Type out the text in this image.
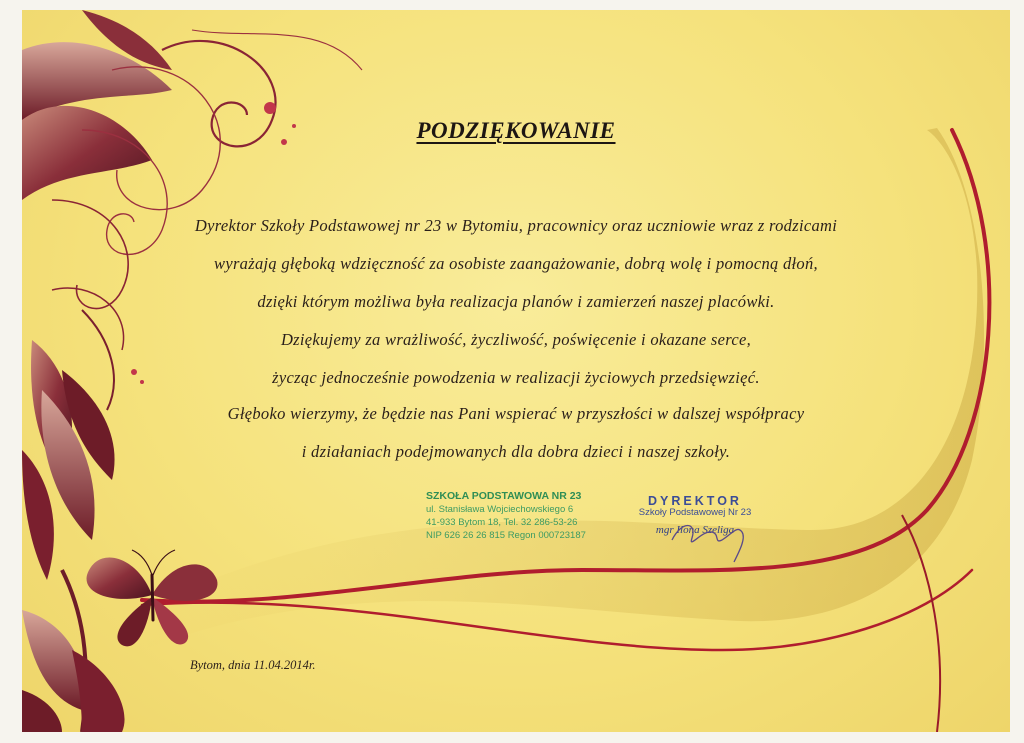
PODZIĘKOWANIE
Dyrektor Szkoły Podstawowej nr 23 w Bytomiu, pracownicy oraz uczniowie wraz z rodzicami
wyrażają głęboką wdzięczność za osobiste zaangażowanie, dobrą wolę i pomocną dłoń,
dzięki którym możliwa była realizacja planów i zamierzeń naszej placówki.
Dziękujemy za wrażliwość, życzliwość, poświęcenie i okazane serce,
życząc jednocześnie powodzenia w realizacji życiowych przedsięwzięć.
Głęboko wierzymy, że będzie nas Pani wspierać w przyszłości w dalszej współpracy
i działaniach podejmowanych dla dobra dzieci i naszej szkoły.
SZKOŁA PODSTAWOWA NR 23
ul. Stanisława Wojciechowskiego 6
41-933 Bytom 18, Tel. 32 286-53-26
NIP 626 26 26 815 Regon 000723187
DYREKTOR
Szkoły Podstawowej Nr 23
mgr Ilona Szeliga
Bytom, dnia 11.04.2014r.
